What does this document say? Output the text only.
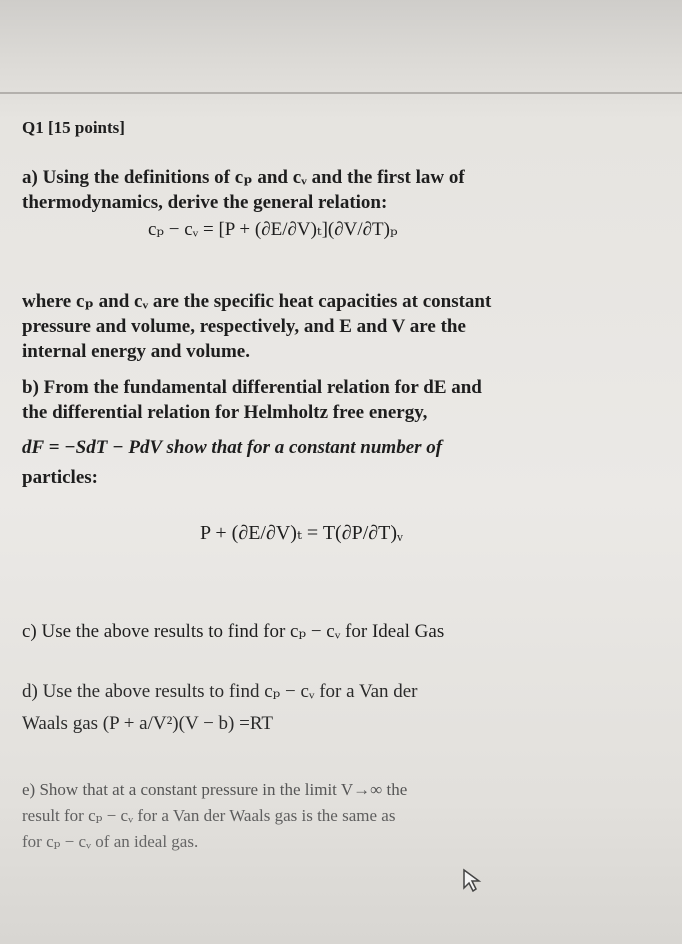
Q1 [15 points]
a) Using the definitions of cₚ and cᵥ and the first law of
thermodynamics, derive the general relation:
cₚ − cᵥ = [P + (∂E/∂V)ₜ](∂V/∂T)ₚ
where cₚ and cᵥ are the specific heat capacities at constant
pressure and volume, respectively, and E and V are the
internal energy and volume.
b) From the fundamental differential relation for dE and
the differential relation for Helmholtz free energy,
dF = −SdT − PdV show that for a constant number of
particles:
P + (∂E/∂V)ₜ = T(∂P/∂T)ᵥ
c) Use the above results to find for cₚ − cᵥ for Ideal Gas
d) Use the above results to find cₚ − cᵥ for a Van der
Waals gas (P + a/V²)(V − b) =RT
e) Show that at a constant pressure in the limit V→∞ the
result for cₚ − cᵥ for a Van der Waals gas is the same as
for cₚ − cᵥ of an ideal gas.
